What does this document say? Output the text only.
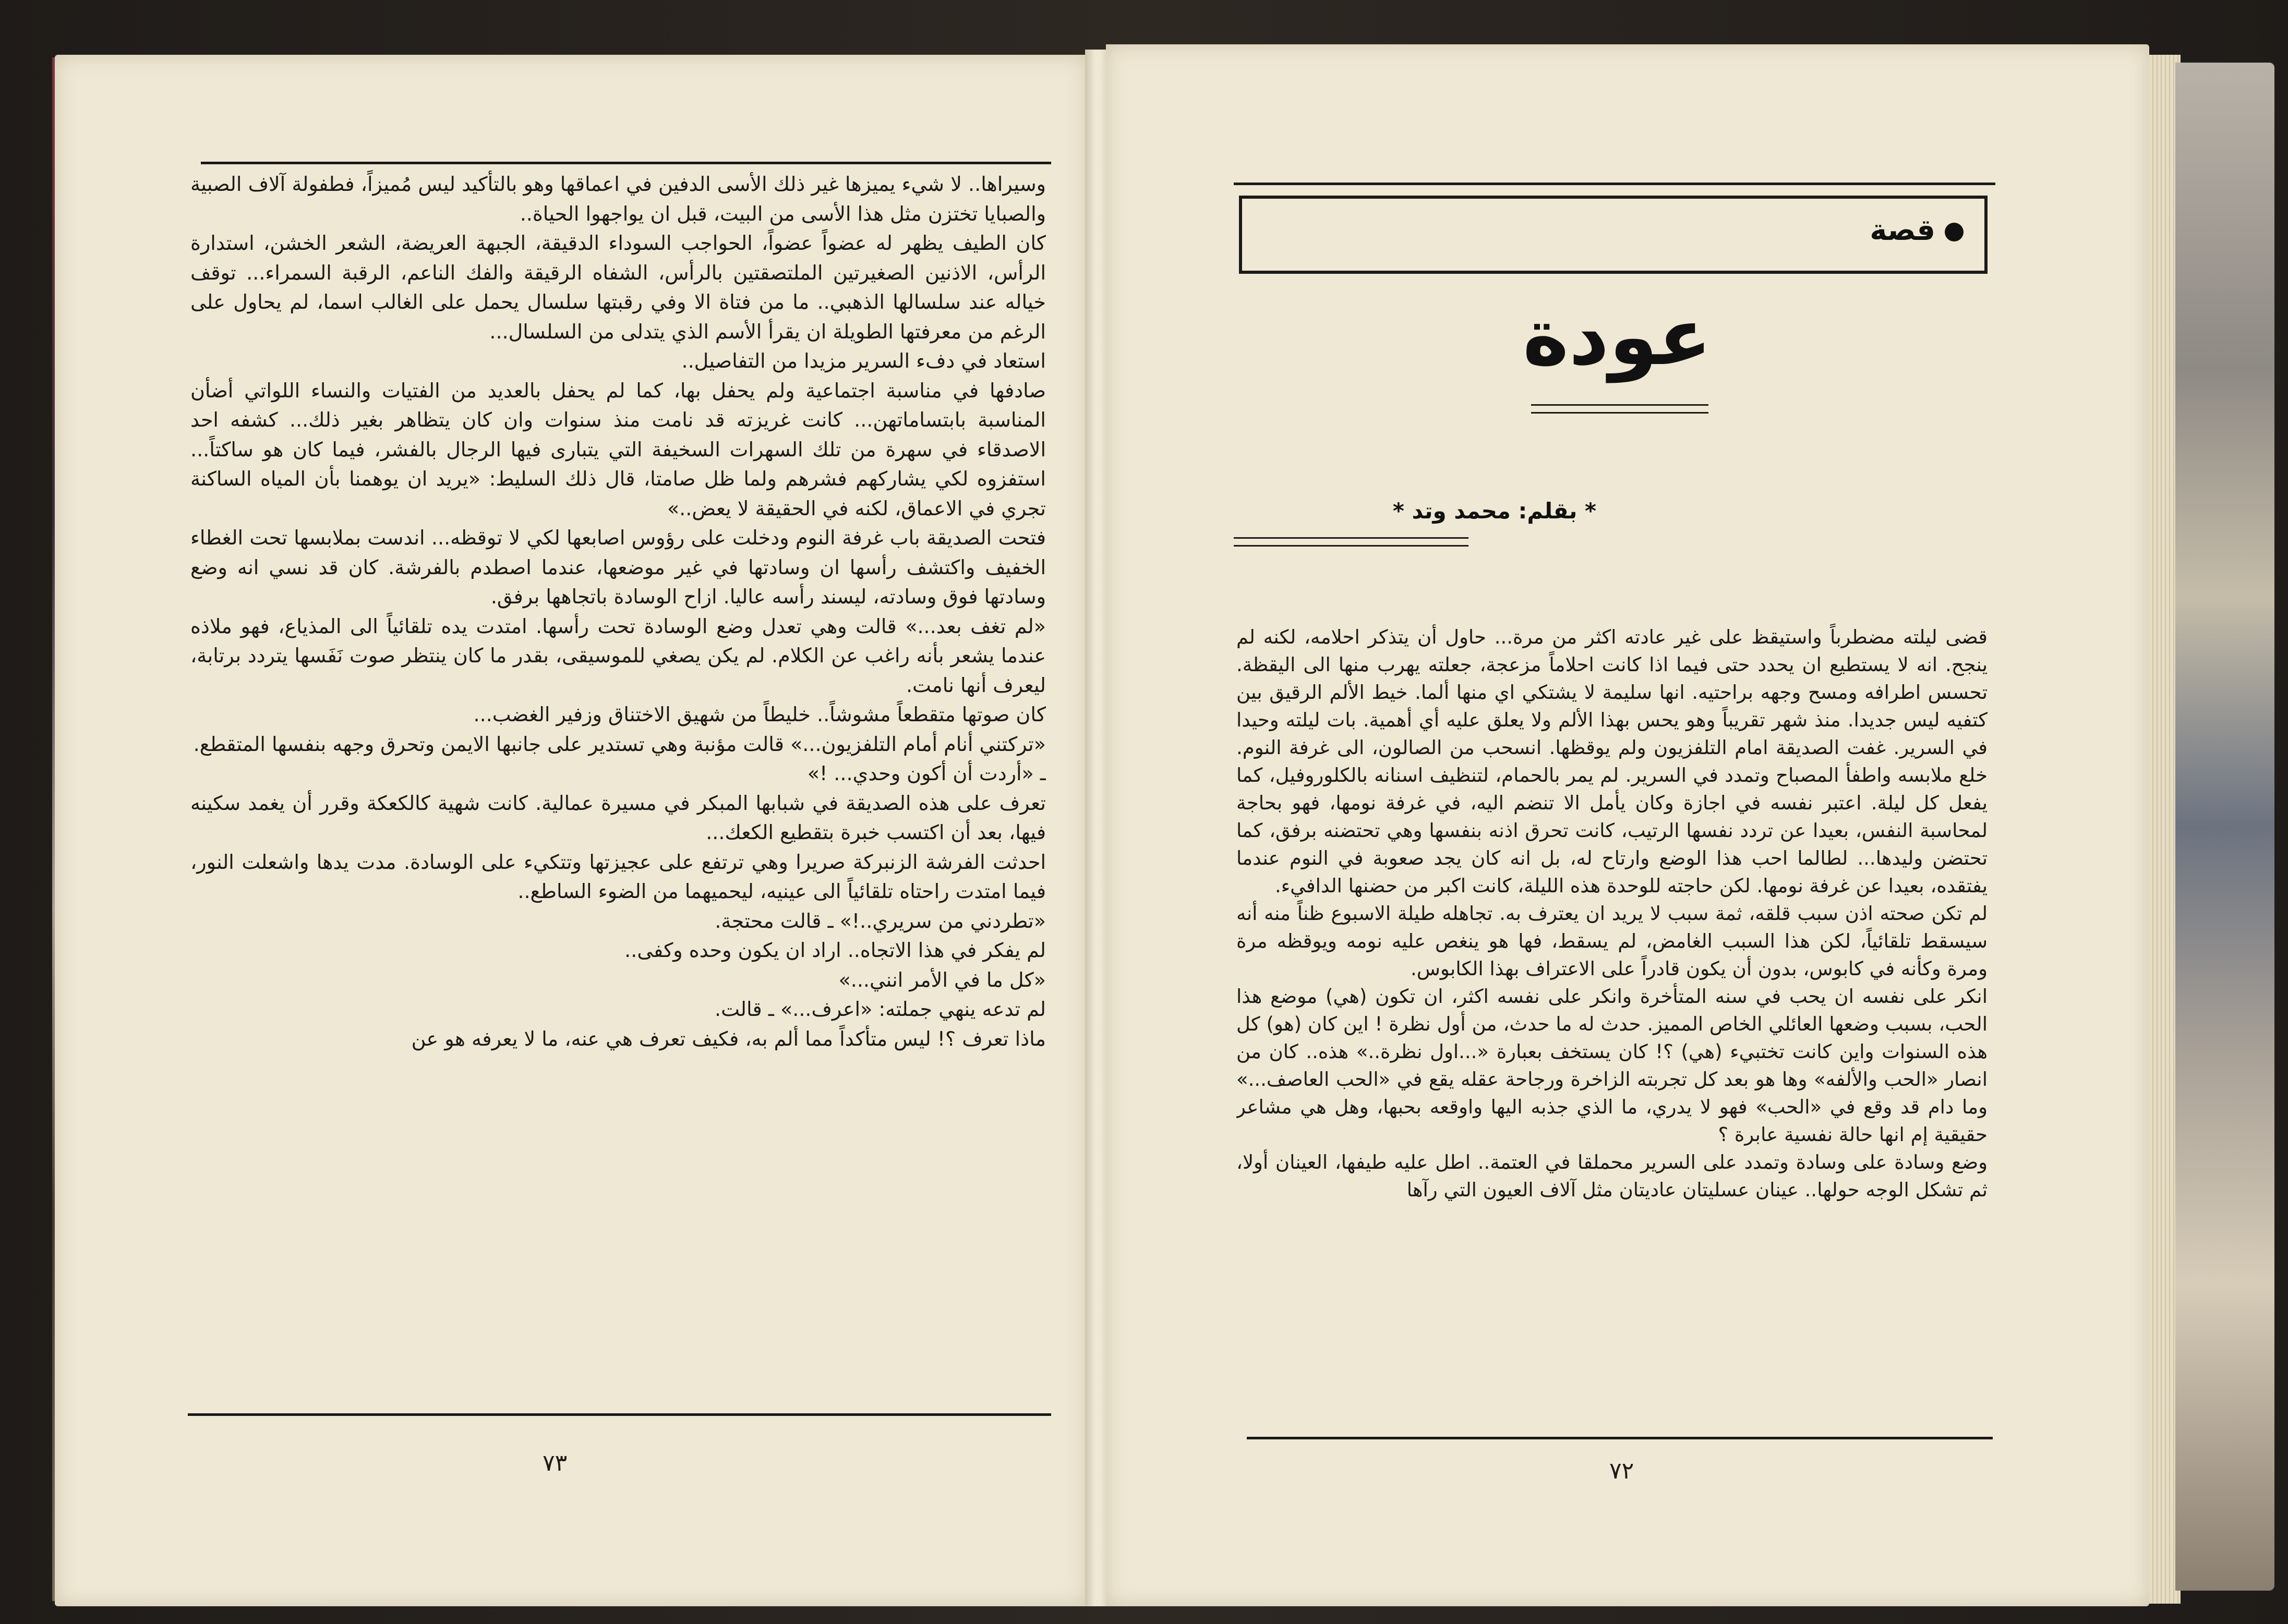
وسيراها.. لا شيء يميزها غير ذلك الأسى الدفين في اعماقها وهو بالتأكيد ليس مُميزاً، فطفولة آلاف الصبية والصبايا تختزن مثل هذا الأسى من البيت، قبل ان يواجهوا الحياة..

كان الطيف يظهر له عضواً عضواً، الحواجب السوداء الدقيقة، الجبهة العريضة، الشعر الخشن، استدارة الرأس، الاذنين الصغيرتين الملتصقتين بالرأس، الشفاه الرقيقة والفك الناعم، الرقبة السمراء... توقف خياله عند سلسالها الذهبي.. ما من فتاة الا وفي رقبتها سلسال يحمل على الغالب اسما، لم يحاول على الرغم من معرفتها الطويلة ان يقرأ الأسم الذي يتدلى من السلسال...

استعاد في دفء السرير مزيدا من التفاصيل..

صادفها في مناسبة اجتماعية ولم يحفل بها، كما لم يحفل بالعديد من الفتيات والنساء اللواتي أضأن المناسبة بابتساماتهن... كانت غريزته قد نامت منذ سنوات وان كان يتظاهر بغير ذلك... كشفه احد الاصدقاء في سهرة من تلك السهرات السخيفة التي يتبارى فيها الرجال بالفشر، فيما كان هو ساكتاً... استفزوه لكي يشاركهم فشرهم ولما ظل صامتا، قال ذلك السليط: «يريد ان يوهمنا بأن المياه الساكنة تجري في الاعماق، لكنه في الحقيقة لا يعض..»

فتحت الصديقة باب غرفة النوم ودخلت على رؤوس اصابعها لكي لا توقظه... اندست بملابسها تحت الغطاء الخفيف واكتشف رأسها ان وسادتها في غير موضعها، عندما اصطدم بالفرشة. كان قد نسي انه وضع وسادتها فوق وسادته، ليسند رأسه عاليا. ازاح الوسادة باتجاهها برفق.

«لم تغف بعد...» قالت وهي تعدل وضع الوسادة تحت رأسها. امتدت يده تلقائياً الى المذياع، فهو ملاذه عندما يشعر بأنه راغب عن الكلام. لم يكن يصغي للموسيقى، بقدر ما كان ينتظر صوت نَفَسها يتردد برتابة، ليعرف أنها نامت.

كان صوتها متقطعاً مشوشاً.. خليطاً من شهيق الاختناق وزفير الغضب...

«تركتني أنام أمام التلفزيون...» قالت مؤنبة وهي تستدير على جانبها الايمن وتحرق وجهه بنفسها المتقطع.

ـ «أردت أن أكون وحدي... !»

تعرف على هذه الصديقة في شبابها المبكر في مسيرة عمالية. كانت شهية كالكعكة وقرر أن يغمد سكينه فيها، بعد أن اكتسب خبرة بتقطيع الكعك...

احدثت الفرشة الزنبركة صريرا وهي ترتفع على عجيزتها وتتكيء على الوسادة. مدت يدها واشعلت النور، فيما امتدت راحتاه تلقائياً الى عينيه، ليحميهما من الضوء الساطع..

«تطردني من سريري..!» ـ قالت محتجة.

لم يفكر في هذا الاتجاه.. اراد ان يكون وحده وكفى..

«كل ما في الأمر انني...»

لم تدعه ينهي جملته: «اعرف...» ـ قالت.

ماذا تعرف ؟! ليس متأكداً مما ألم به، فكيف تعرف هي عنه، ما لا يعرفه هو عن

٧٣
قصة
عودة
* بقلم: محمد وتد *

قضى ليلته مضطرباً واستيقظ على غير عادته اكثر من مرة... حاول أن يتذكر احلامه، لكنه لم ينجح. انه لا يستطيع ان يحدد حتى فيما اذا كانت احلاماً مزعجة، جعلته يهرب منها الى اليقظة. تحسس اطرافه ومسح وجهه براحتيه. انها سليمة لا يشتكي اي منها ألما. خيط الألم الرقيق بين كتفيه ليس جديدا. منذ شهر تقريباً وهو يحس بهذا الألم ولا يعلق عليه أي أهمية. بات ليلته وحيدا في السرير. غفت الصديقة امام التلفزيون ولم يوقظها. انسحب من الصالون، الى غرفة النوم. خلع ملابسه واطفأ المصباح وتمدد في السرير. لم يمر بالحمام، لتنظيف اسنانه بالكلوروفيل، كما يفعل كل ليلة. اعتبر نفسه في اجازة وكان يأمل الا تنضم اليه، في غرفة نومها، فهو بحاجة لمحاسبة النفس، بعيدا عن تردد نفسها الرتيب، كانت تحرق اذنه بنفسها وهي تحتضنه برفق، كما تحتضن وليدها... لطالما احب هذا الوضع وارتاح له، بل انه كان يجد صعوبة في النوم عندما يفتقده، بعيدا عن غرفة نومها. لكن حاجته للوحدة هذه الليلة، كانت اكبر من حضنها الدافيء.

لم تكن صحته اذن سبب قلقه، ثمة سبب لا يريد ان يعترف به. تجاهله طيلة الاسبوع ظناً منه أنه سيسقط تلقائياً، لكن هذا السبب الغامض، لم يسقط، فها هو ينغص عليه نومه ويوقظه مرة ومرة وكأنه في كابوس، بدون أن يكون قادراً على الاعتراف بهذا الكابوس.

انكر على نفسه ان يحب في سنه المتأخرة وانكر على نفسه اكثر، ان تكون (هي) موضع هذا الحب، بسبب وضعها العائلي الخاص المميز. حدث له ما حدث، من أول نظرة ! اين كان (هو) كل هذه السنوات واين كانت تختبيء (هي) ؟! كان يستخف بعبارة «...اول نظرة..» هذه.. كان من انصار «الحب والألفه» وها هو بعد كل تجربته الزاخرة ورجاحة عقله يقع في «الحب العاصف...» وما دام قد وقع في «الحب» فهو لا يدري، ما الذي جذبه اليها واوقعه بحبها، وهل هي مشاعر حقيقية إم انها حالة نفسية عابرة ؟

وضع وسادة على وسادة وتمدد على السرير محملقا في العتمة.. اطل عليه طيفها، العينان أولا، ثم تشكل الوجه حولها.. عينان عسليتان عاديتان مثل آلاف العيون التي رآها

٧٢
